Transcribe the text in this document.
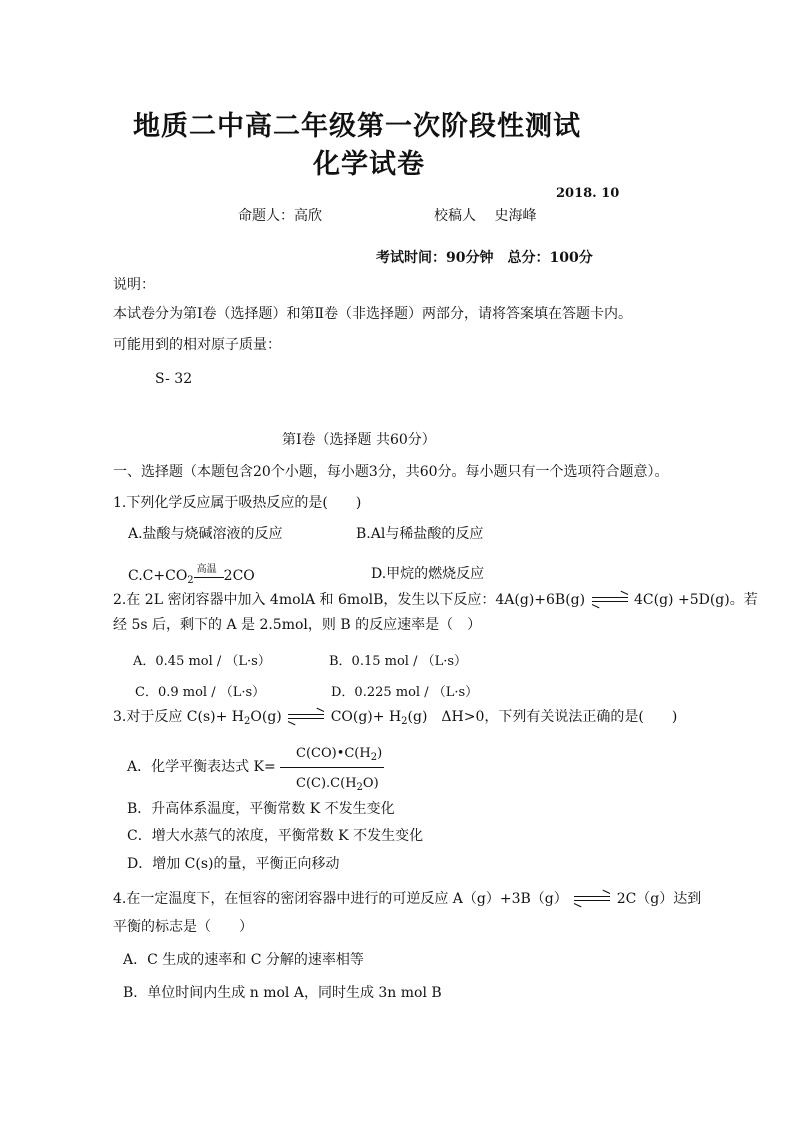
地质二中高二年级第一次阶段性测试
化学试卷
2018. 10
命题人：高欣	校稿人　 史海峰
考试时间：90分钟　总分：100分
说明：
本试卷分为第Ⅰ卷（选择题）和第Ⅱ卷（非选择题）两部分，请将答案填在答题卡内。
可能用到的相对原子质量：
S- 32
第Ⅰ卷（选择题 共60分）
一、选择题（本题包含20个小题，每小题3分，共60分。每小题只有一个选项符合题意）。
1.下列化学反应属于吸热反应的是(　　)
A.盐酸与烧碱溶液的反应	B.Al与稀盐酸的反应
$C.C+CO_2$
高温 2CO	D.甲烷的燃烧反应
2.在 2L 密闭容器中加入 4molA 和 6molB，发生以下反应：4A(g)+6B(g)	4C(g) +5D(g)。若
经 5s 后，剩下的 A 是 2.5mol，则 B 的反应速率是（　）
A．0.45 mol / （L·s）	B．0.15 mol / （L·s）
C．0.9 mol / （L·s）	D．0.225 mol / （L·s）
3.对于反应 $C(s)+ H_2O(g)$	$CO(g)+ H_2(g)$　ΔH>0，下列有关说法正确的是(　　)
A．化学平衡表达式 K=
$C(CO)•C(H_2)$
$C(C).C(H_2O)$
B．升高体系温度，平衡常数 K 不发生变化
C．增大水蒸气的浓度，平衡常数 K 不发生变化
D．增加 C(s)的量，平衡正向移动
4.在一定温度下，在恒容的密闭容器中进行的可逆反应 A（g）+3B（g）	2C（g）达到
平衡的标志是（　　）
A．C 生成的速率和 C 分解的速率相等
B．单位时间内生成 n mol A，同时生成 3n mol B
